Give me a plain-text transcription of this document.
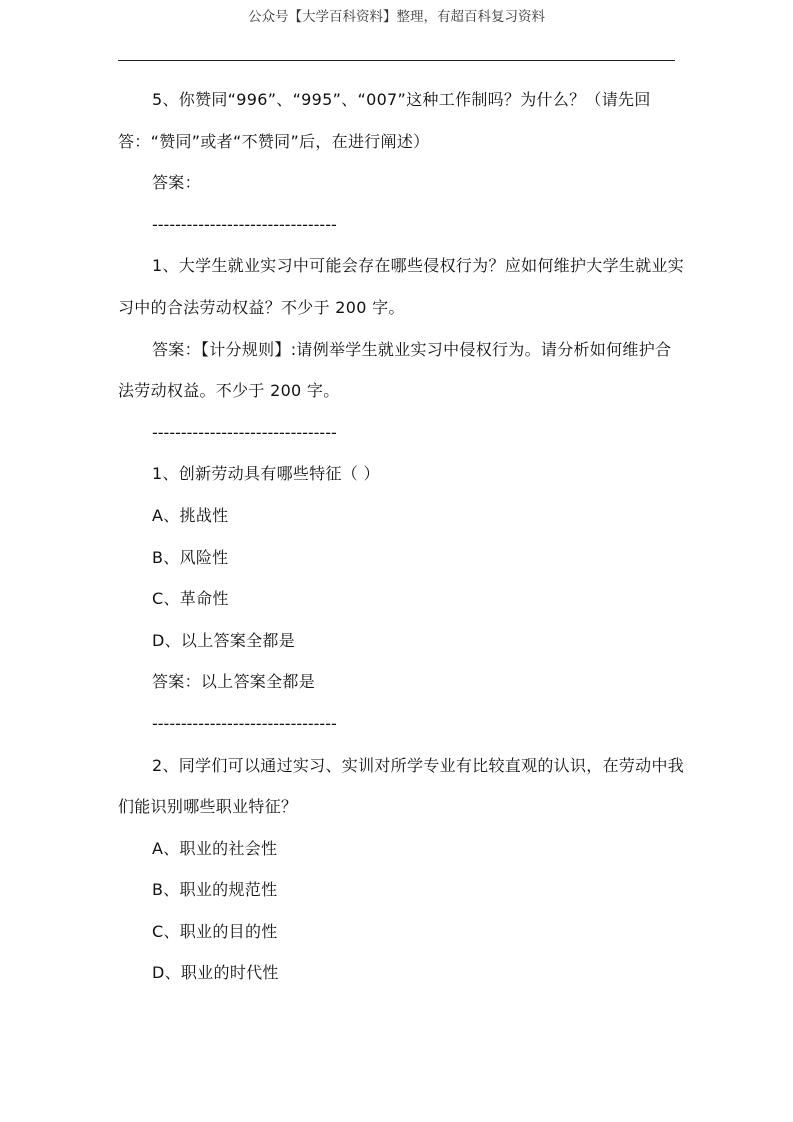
公众号【大学百科资料】整理，有超百科复习资料
5、你赞同“996”、“995”、“007”这种工作制吗？为什么？（请先回
答：“赞同”或者“不赞同”后，在进行阐述）
答案：
--------------------------------
1、大学生就业实习中可能会存在哪些侵权行为？应如何维护大学生就业实
习中的合法劳动权益？不少于 200 字。
答案：【计分规则】:请例举学生就业实习中侵权行为。请分析如何维护合
法劳动权益。不少于 200 字。
--------------------------------
1、创新劳动具有哪些特征（ ）
A、挑战性
B、风险性
C、革命性
D、以上答案全都是
答案：以上答案全都是
--------------------------------
2、同学们可以通过实习、实训对所学专业有比较直观的认识，在劳动中我
们能识别哪些职业特征？
A、职业的社会性
B、职业的规范性
C、职业的目的性
D、职业的时代性
